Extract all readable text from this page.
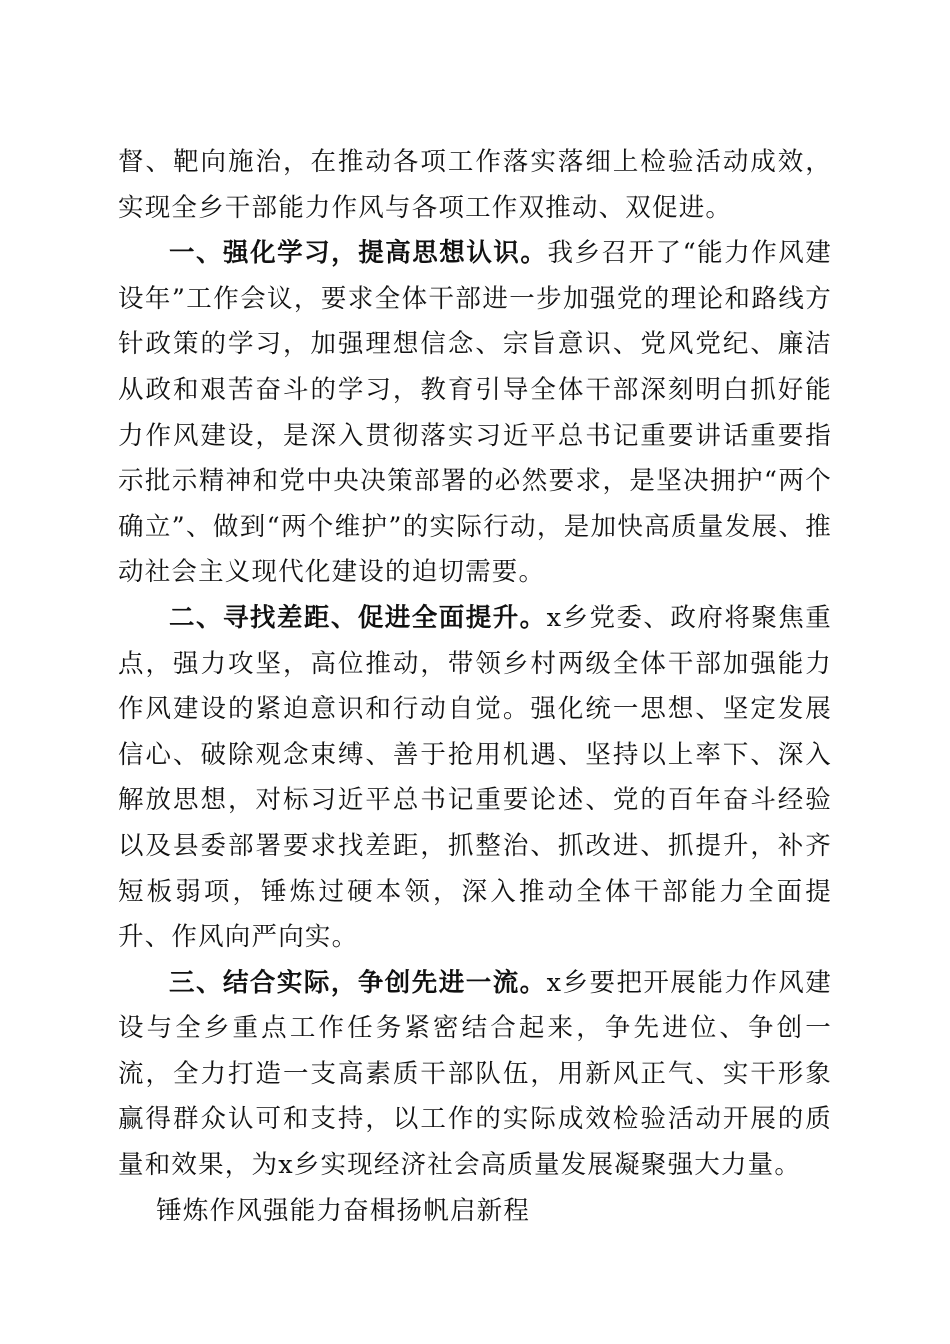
督、靶向施治，在推动各项工作落实落细上检验活动成效，实现全乡干部能力作风与各项工作双推动、双促进。

一、强化学习，提高思想认识。我乡召开了“能力作风建设年”工作会议，要求全体干部进一步加强党的理论和路线方针政策的学习，加强理想信念、宗旨意识、党风党纪、廉洁从政和艰苦奋斗的学习，教育引导全体干部深刻明白抓好能力作风建设，是深入贯彻落实习近平总书记重要讲话重要指示批示精神和党中央决策部署的必然要求，是坚决拥护“两个确立”、做到“两个维护”的实际行动，是加快高质量发展、推动社会主义现代化建设的迫切需要。

二、寻找差距、促进全面提升。x乡党委、政府将聚焦重点，强力攻坚，高位推动，带领乡村两级全体干部加强能力作风建设的紧迫意识和行动自觉。强化统一思想、坚定发展信心、破除观念束缚、善于抢用机遇、坚持以上率下、深入解放思想，对标习近平总书记重要论述、党的百年奋斗经验以及县委部署要求找差距，抓整治、抓改进、抓提升，补齐短板弱项，锤炼过硬本领，深入推动全体干部能力全面提升、作风向严向实。

三、结合实际，争创先进一流。x乡要把开展能力作风建设与全乡重点工作任务紧密结合起来，争先进位、争创一流，全力打造一支高素质干部队伍，用新风正气、实干形象赢得群众认可和支持，以工作的实际成效检验活动开展的质量和效果，为x乡实现经济社会高质量发展凝聚强大力量。

锤炼作风强能力奋楫扬帆启新程
